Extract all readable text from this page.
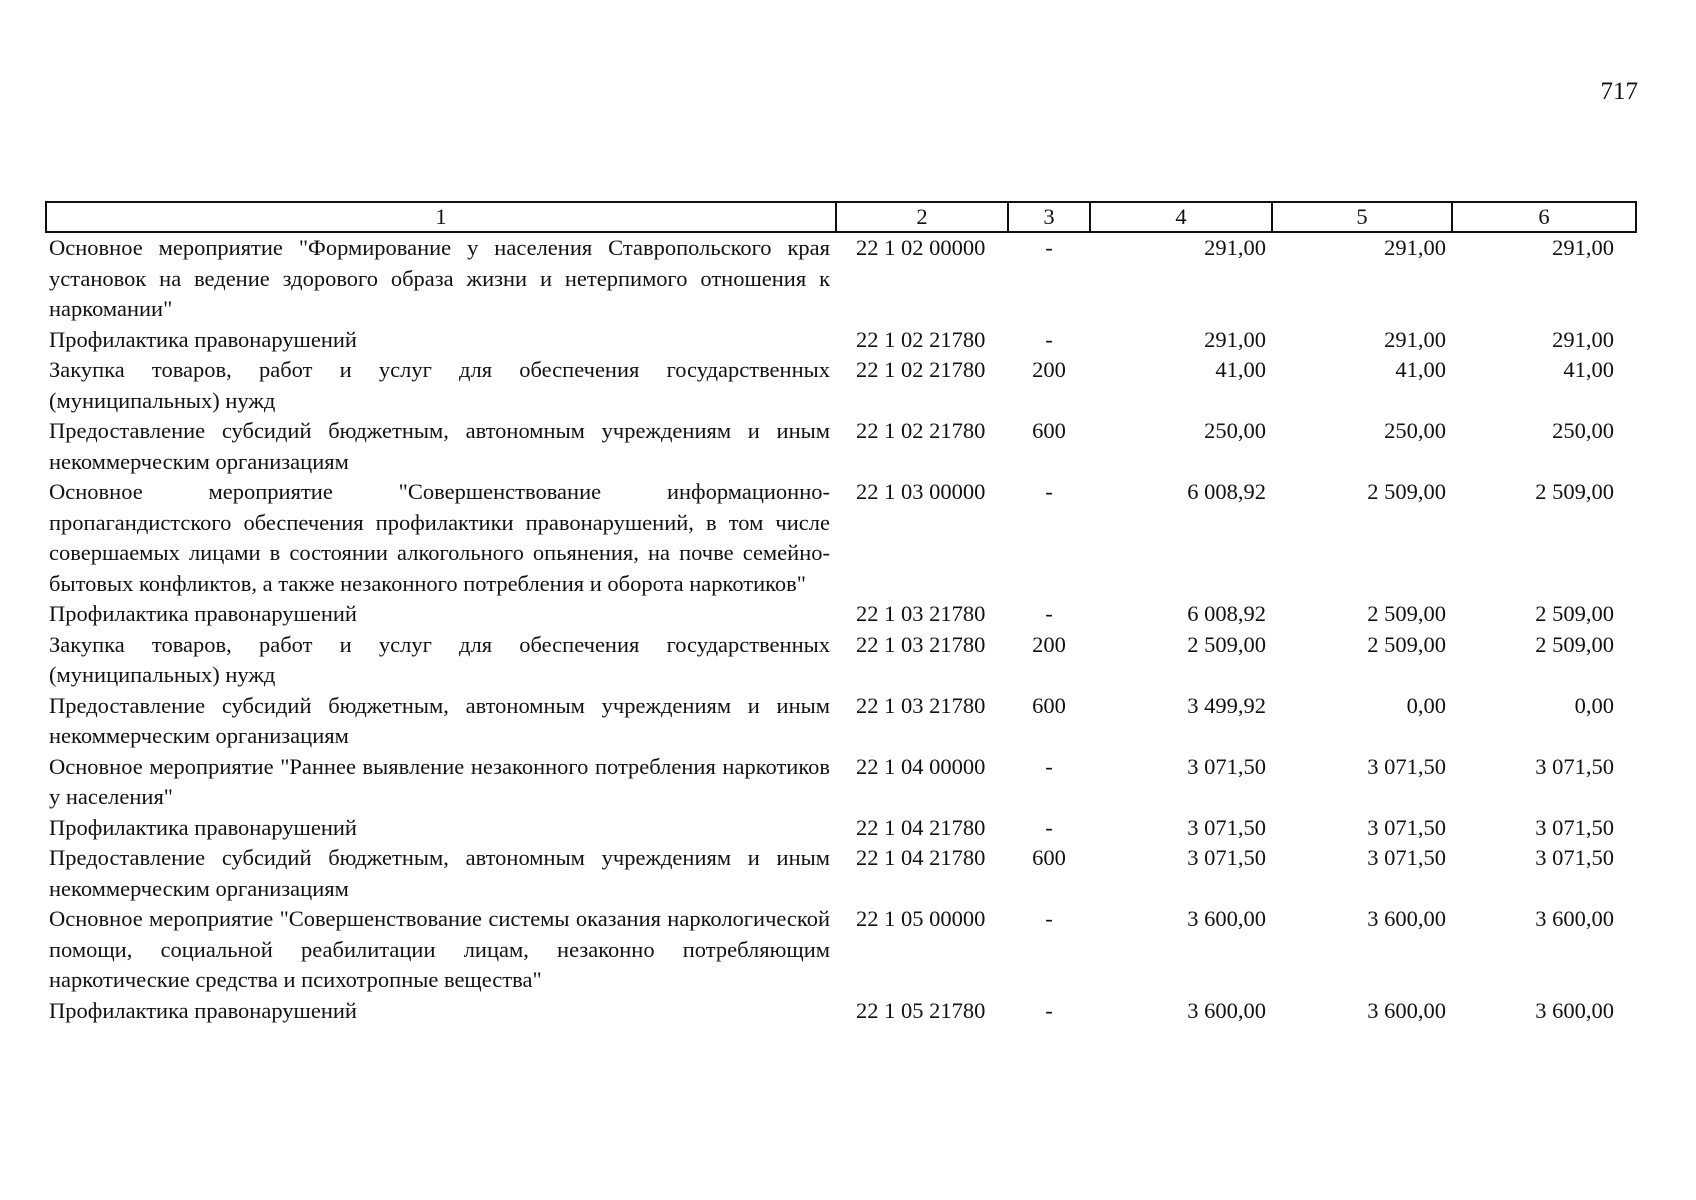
717
1	2	3	4	5	6
Основное мероприятие "Формирование у населения Ставропольского края установок на ведение здорового образа жизни и нетерпимого отношения к наркомании"	22 1 02 00000	-	291,00	291,00	291,00
Профилактика правонарушений	22 1 02 21780	-	291,00	291,00	291,00
Закупка товаров, работ и услуг для обеспечения государственных (муниципальных) нужд	22 1 02 21780	200	41,00	41,00	41,00
Предоставление субсидий бюджетным, автономным учреждениям и иным некоммерческим организациям	22 1 02 21780	600	250,00	250,00	250,00
Основное мероприятие "Совершенствование информационно-пропагандистского обеспечения профилактики правонарушений, в том числе совершаемых лицами в состоянии алкогольного опьянения, на почве семейно-бытовых конфликтов, а также незаконного потребления и оборота наркотиков"	22 1 03 00000	-	6 008,92	2 509,00	2 509,00
Профилактика правонарушений	22 1 03 21780	-	6 008,92	2 509,00	2 509,00
Закупка товаров, работ и услуг для обеспечения государственных (муниципальных) нужд	22 1 03 21780	200	2 509,00	2 509,00	2 509,00
Предоставление субсидий бюджетным, автономным учреждениям и иным некоммерческим организациям	22 1 03 21780	600	3 499,92	0,00	0,00
Основное мероприятие "Раннее выявление незаконного потребления наркотиков у населения"	22 1 04 00000	-	3 071,50	3 071,50	3 071,50
Профилактика правонарушений	22 1 04 21780	-	3 071,50	3 071,50	3 071,50
Предоставление субсидий бюджетным, автономным учреждениям и иным некоммерческим организациям	22 1 04 21780	600	3 071,50	3 071,50	3 071,50
Основное мероприятие "Совершенствование системы оказания наркологической помощи, социальной реабилитации лицам, незаконно потребляющим наркотические средства и психотропные вещества"	22 1 05 00000	-	3 600,00	3 600,00	3 600,00
Профилактика правонарушений	22 1 05 21780	-	3 600,00	3 600,00	3 600,00
